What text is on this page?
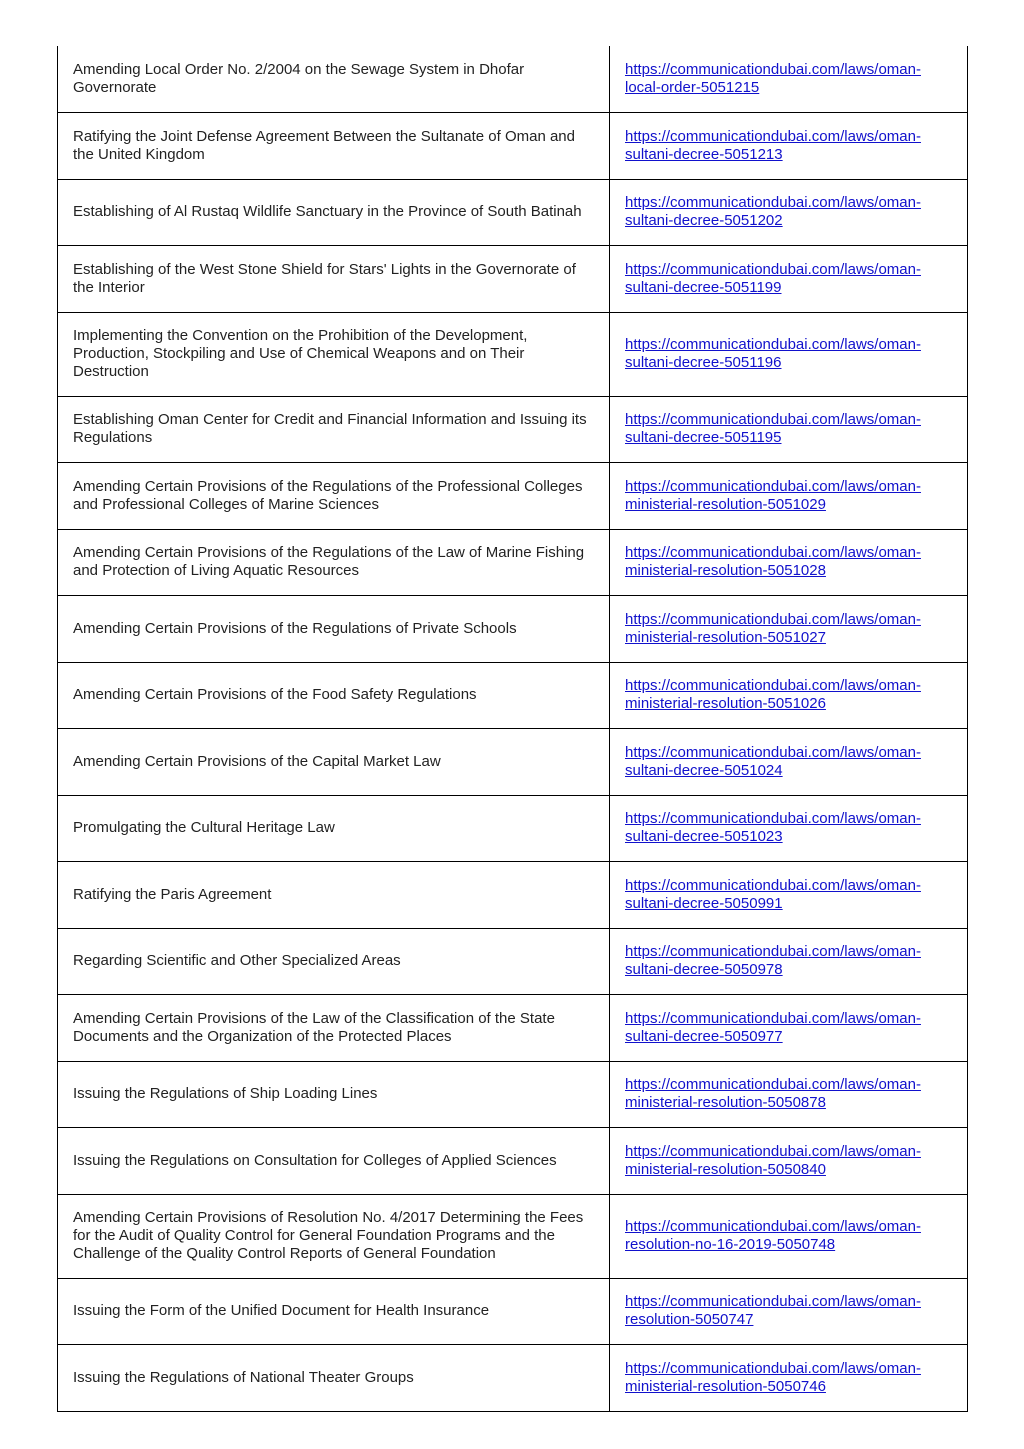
Amending Local Order No. 2/2004 on the Sewage System in Dhofar Governorate	https://communicationdubai.com/laws/oman-
local-order-5051215

Ratifying the Joint Defense Agreement Between the Sultanate of Oman and the United Kingdom	https://communicationdubai.com/laws/oman-
sultani-decree-5051213

Establishing of Al Rustaq Wildlife Sanctuary in the Province of South Batinah	https://communicationdubai.com/laws/oman-
sultani-decree-5051202

Establishing of the West Stone Shield for Stars' Lights in the Governorate of the Interior	https://communicationdubai.com/laws/oman-
sultani-decree-5051199

Implementing the Convention on the Prohibition of the Development, Production, Stockpiling and Use of Chemical Weapons and on Their Destruction	https://communicationdubai.com/laws/oman-
sultani-decree-5051196

Establishing Oman Center for Credit and Financial Information and Issuing its Regulations	https://communicationdubai.com/laws/oman-
sultani-decree-5051195

Amending Certain Provisions of the Regulations of the Professional Colleges and Professional Colleges of Marine Sciences	https://communicationdubai.com/laws/oman-
ministerial-resolution-5051029

Amending Certain Provisions of the Regulations of the Law of Marine Fishing and Protection of Living Aquatic Resources	https://communicationdubai.com/laws/oman-
ministerial-resolution-5051028

Amending Certain Provisions of the Regulations of Private Schools	https://communicationdubai.com/laws/oman-
ministerial-resolution-5051027

Amending Certain Provisions of the Food Safety Regulations	https://communicationdubai.com/laws/oman-
ministerial-resolution-5051026

Amending Certain Provisions of the Capital Market Law	https://communicationdubai.com/laws/oman-
sultani-decree-5051024

Promulgating the Cultural Heritage Law	https://communicationdubai.com/laws/oman-
sultani-decree-5051023

Ratifying the Paris Agreement	https://communicationdubai.com/laws/oman-
sultani-decree-5050991

Regarding Scientific and Other Specialized Areas	https://communicationdubai.com/laws/oman-
sultani-decree-5050978

Amending Certain Provisions of the Law of the Classification of the State Documents and the Organization of the Protected Places	https://communicationdubai.com/laws/oman-
sultani-decree-5050977

Issuing the Regulations of Ship Loading Lines	https://communicationdubai.com/laws/oman-
ministerial-resolution-5050878

Issuing the Regulations on Consultation for Colleges of Applied Sciences	https://communicationdubai.com/laws/oman-
ministerial-resolution-5050840

Amending Certain Provisions of Resolution No. 4/2017 Determining the Fees for the Audit of Quality Control for General Foundation Programs and the Challenge of the Quality Control Reports of General Foundation	https://communicationdubai.com/laws/oman-
resolution-no-16-2019-5050748

Issuing the Form of the Unified Document for Health Insurance	https://communicationdubai.com/laws/oman-
resolution-5050747

Issuing the Regulations of National Theater Groups	https://communicationdubai.com/laws/oman-
ministerial-resolution-5050746
